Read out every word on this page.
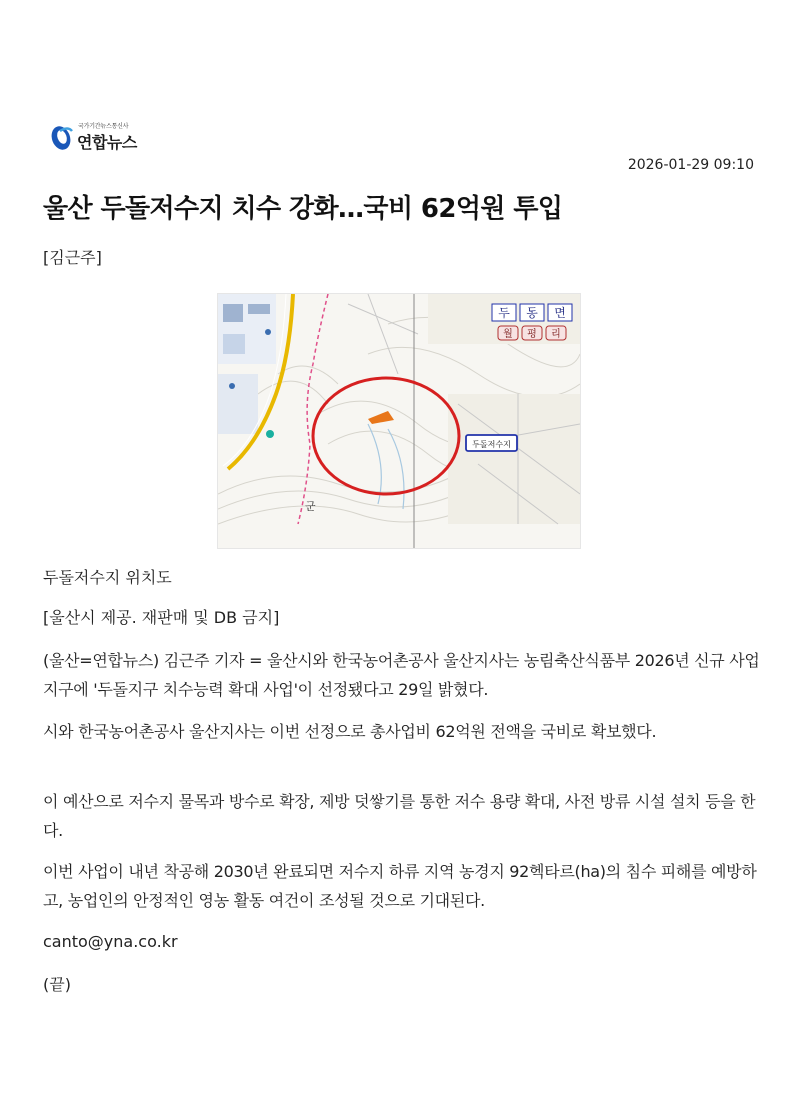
국가기간뉴스통신사
연합뉴스
2026-01-29 09:10
울산 두돌저수지 치수 강화…국비 62억원 투입
[김근주]
두 동 면
월 평 리
두돌저수지
군
두돌저수지 위치도
[울산시 제공. 재판매 및 DB 금지]

(울산=연합뉴스) 김근주 기자 = 울산시와 한국농어촌공사 울산지사는 농림축산식품부 2026년 신규 사업 지구에 '두돌지구 치수능력 확대 사업'이 선정됐다고 29일 밝혔다.

시와 한국농어촌공사 울산지사는 이번 선정으로 총사업비 62억원 전액을 국비로 확보했다.

이 예산으로 저수지 물목과 방수로 확장, 제방 덧쌓기를 통한 저수 용량 확대, 사전 방류 시설 설치 등을 한다.

이번 사업이 내년 착공해 2030년 완료되면 저수지 하류 지역 농경지 92헥타르(ha)의 침수 피해를 예방하고, 농업인의 안정적인 영농 활동 여건이 조성될 것으로 기대된다.

canto@yna.co.kr
(끝)
